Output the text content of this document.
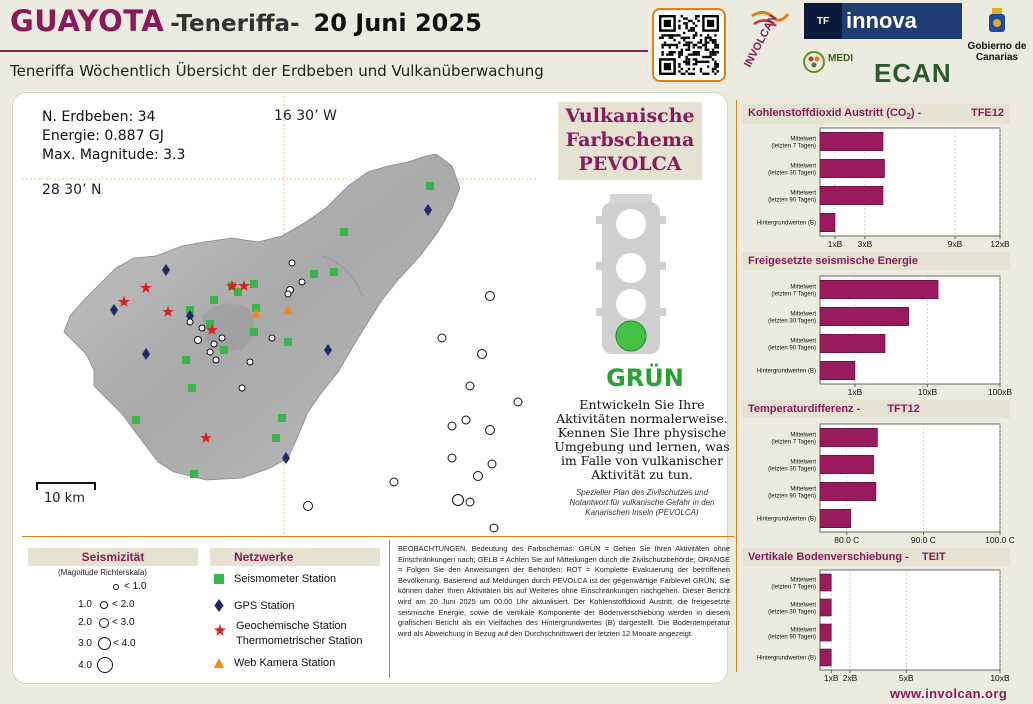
GUAYOTA -Teneriffa- 20 Juni 2025
Teneriffa Wöchentlich Übersicht der Erdbeben und Vulkanüberwachung
INVOLCAN	TF innova
Gobierno de Canarias
MEDI ECAN
N. Erdbeben: 34
Energie: 0.887 GJ
Max. Magnitude: 3.3
16 30’ W
28 30’ N
10 km
Vulkanische
Farbschema
PEVOLCA
GRÜN
Entwickeln Sie Ihre Aktivitäten normalerweise. Kennen Sie Ihre physische Umgebung und lernen, was im Falle von vulkanischer Aktivität zu tun.
Spezieller Plan des Zivilschutzes und Notantwort für vulkanische Gefahr in den Kanarischen Inseln (PEVOLCA)
Seismizität
(Magnitude Richterskala)
< 1.0
1.0 < 2.0
2.0 < 3.0
3.0 < 4.0
4.0
Netzwerke
Seismometer Station
GPS Station
Geochemische Station
Thermometrischer Station
Web Kamera Station
BEOBACHTUNGEN. Bedeutung des Farbschemas: GRÜN = Gehen Sie Ihren Aktivitäten ohne Einschränkungen nach; GELB = Achten Sie auf Mitteilungen durch die Zivilschutzbehörde; ORANGE = Folgen Sie den Anweisungen der Behörden; ROT = Komplette Evakuierung der betroffenen Bevölkerung. Basierend auf Meldungen durch PEVOLCA ist der gegenwärtige Farblevel GRÜN; Sie können daher Ihren Aktivitäten bis auf Weiteres ohne Einschränkungen nachgehen. Dieser Bericht wird am 20 Juni 2025 um 00.00 Uhr aktualisiert. Der Kohlenstoffdioxid Austritt, die freigesetzte seismische Energie, sowie die vertikale Komponente der Bodenverschiebung werden in diesem grafischen Bericht als ein Vielfaches des Hintergrundwertes (B) dargestellt. Die Bodentemperatur wird als Abweichung in Bezug auf den Durchschnittswert der letzten 12 Monate angezeigt.
Kohlenstoffdioxid Austritt $(CO_2)$ -	TFE12
1xB 3xB	9xB	12xB
Mittelwert
(letzten 7 Tagen)
Mittelwert
(letzten 30 Tagen)
Mittelwert
(letzten 90 Tagen)
Hintergrundwerten (B)
Freigesetzte seismische Energie
1xB	10xB	100xB
Mittelwert
(letzten 7 Tagen)
Mittelwert
(letzten 30 Tagen)
Mittelwert
(letzten 90 Tagen)
Hintergrundwerten (B)
Temperaturdifferenz - TFT12
80.0 C	90.0 C	100.0 C
Mittelwert
(letzten 7 Tagen)
Mittelwert
(letzten 30 Tagen)
Mittelwert
(letzten 90 Tagen)
Hintergrundwerten (B)
Vertikale Bodenverschiebung - TEIT
1xB 2xB	5xB	10xB
Mittelwert
(letzten 7 Tagen)
Mittelwert
(letzten 30 Tagen)
Mittelwert
(letzten 90 Tagen)
Hintergrundwerten (B)
www.involcan.org
